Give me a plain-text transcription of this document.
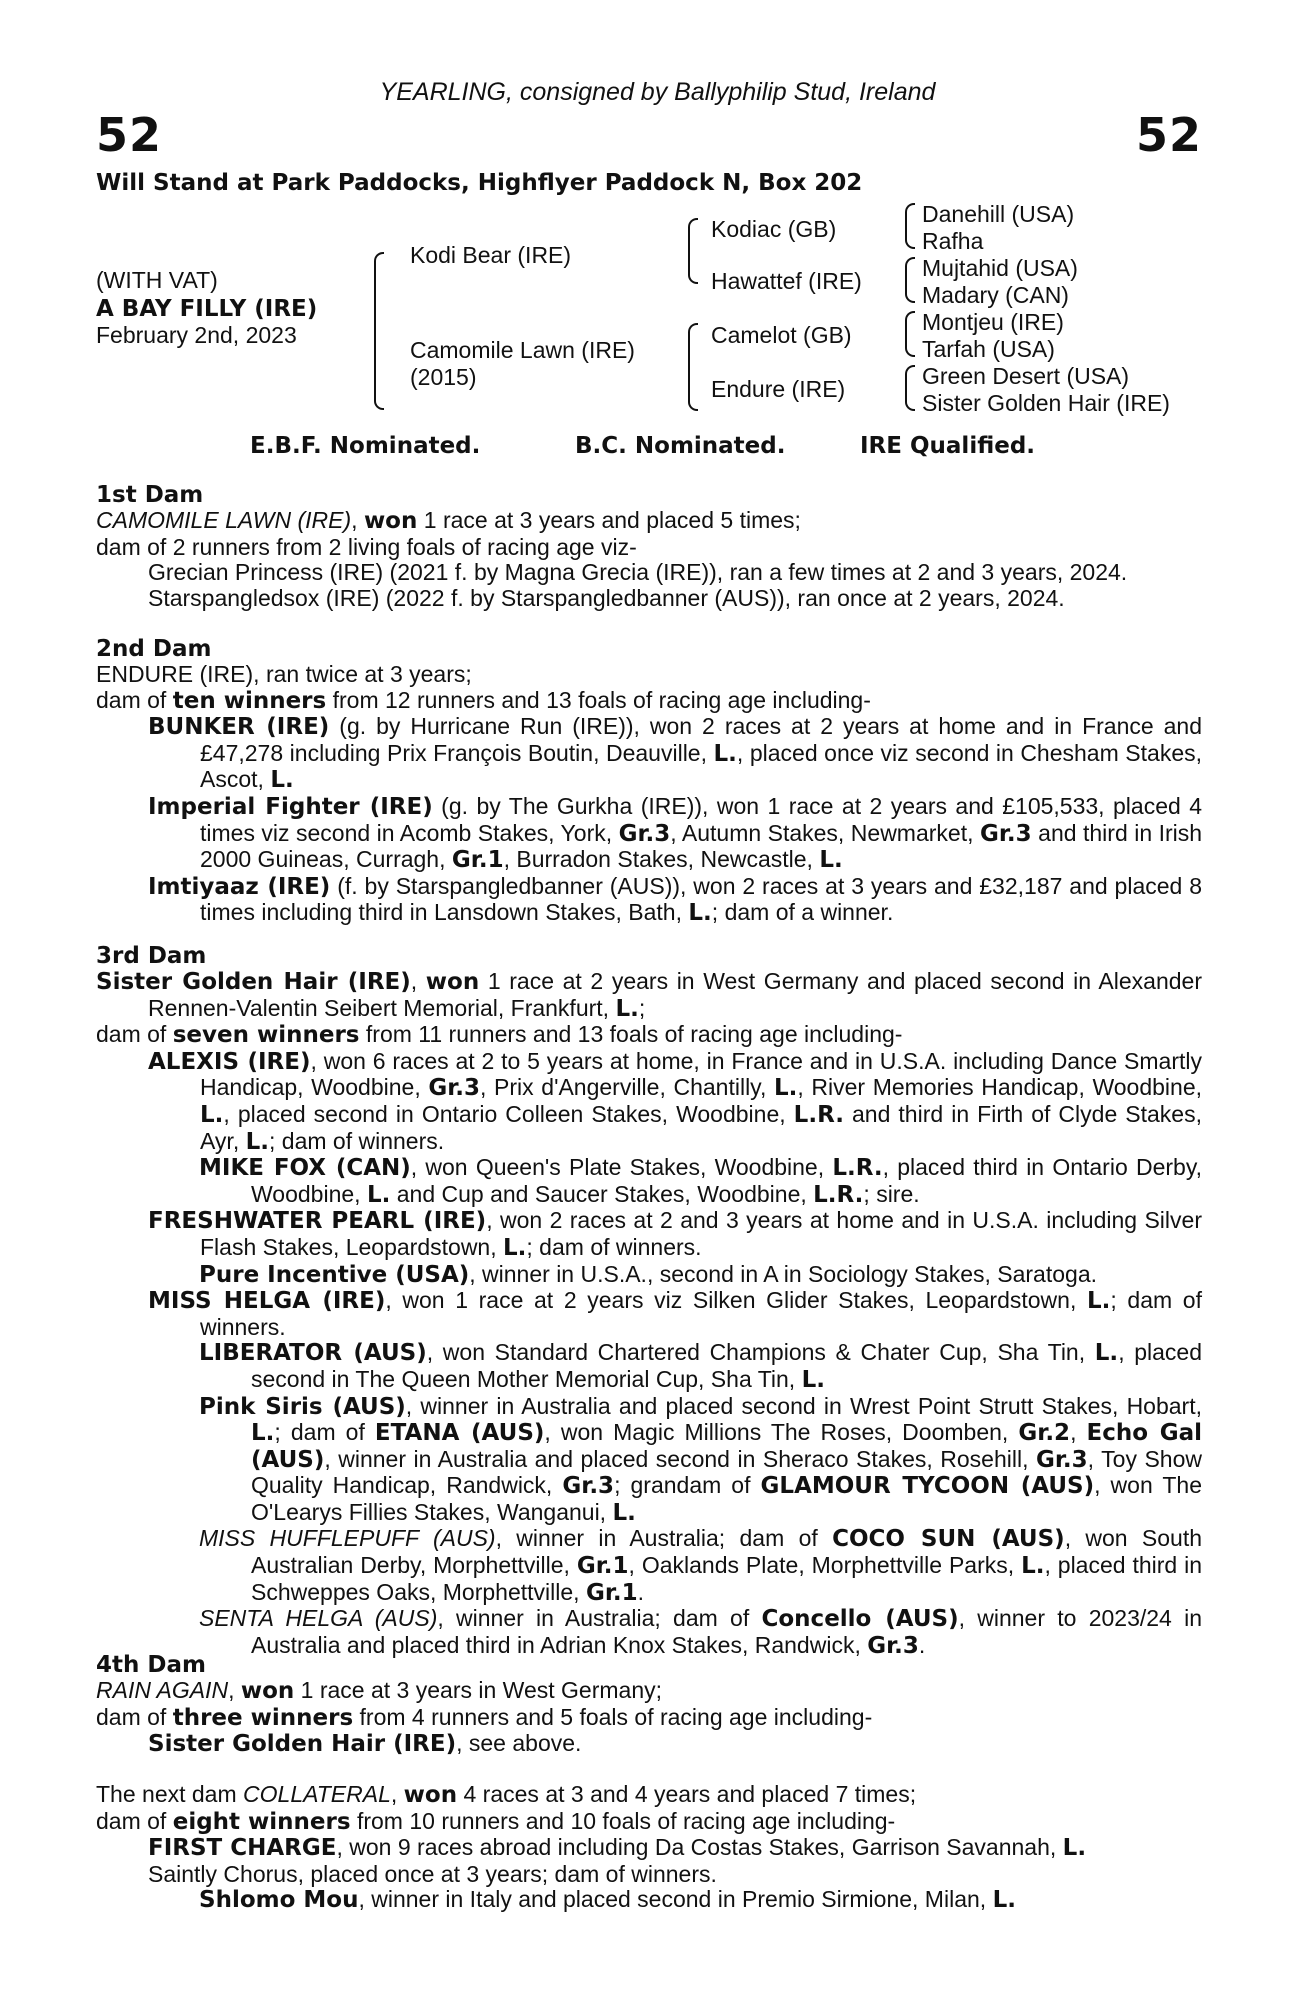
YEARLING, consigned by Ballyphilip Stud, Ireland
52	52
Will Stand at Park Paddocks, Highflyer Paddock N, Box 202
(WITH VAT)
A BAY FILLY (IRE)
February 2nd, 2023
Kodi Bear (IRE)
Camomile Lawn (IRE)
(2015)
Kodiac (GB)
Hawattef (IRE)
Camelot (GB)
Endure (IRE)
Danehill (USA)
Rafha
Mujtahid (USA)
Madary (CAN)
Montjeu (IRE)
Tarfah (USA)
Green Desert (USA)
Sister Golden Hair (IRE)
E.B.F. Nominated.	B.C. Nominated.	IRE Qualified.
1st Dam
CAMOMILE LAWN (IRE), won 1 race at 3 years and placed 5 times;
dam of 2 runners from 2 living foals of racing age viz-
Grecian Princess (IRE) (2021 f. by Magna Grecia (IRE)), ran a few times at 2 and 3 years, 2024.
Starspangledsox (IRE) (2022 f. by Starspangledbanner (AUS)), ran once at 2 years, 2024.
2nd Dam
ENDURE (IRE), ran twice at 3 years;
dam of ten winners from 12 runners and 13 foals of racing age including-
BUNKER (IRE) (g. by Hurricane Run (IRE)), won 2 races at 2 years at home and in France and £47,278 including Prix François Boutin, Deauville, L., placed once viz second in Chesham Stakes, Ascot, L.
Imperial Fighter (IRE) (g. by The Gurkha (IRE)), won 1 race at 2 years and £105,533, placed 4 times viz second in Acomb Stakes, York, Gr.3, Autumn Stakes, Newmarket, Gr.3 and third in Irish 2000 Guineas, Curragh, Gr.1, Burradon Stakes, Newcastle, L.
Imtiyaaz (IRE) (f. by Starspangledbanner (AUS)), won 2 races at 3 years and £32,187 and placed 8 times including third in Lansdown Stakes, Bath, L.; dam of a winner.
3rd Dam
Sister Golden Hair (IRE), won 1 race at 2 years in West Germany and placed second in Alexander Rennen-Valentin Seibert Memorial, Frankfurt, L.;
dam of seven winners from 11 runners and 13 foals of racing age including-
ALEXIS (IRE), won 6 races at 2 to 5 years at home, in France and in U.S.A. including Dance Smartly Handicap, Woodbine, Gr.3, Prix d'Angerville, Chantilly, L., River Memories Handicap, Woodbine, L., placed second in Ontario Colleen Stakes, Woodbine, L.R. and third in Firth of Clyde Stakes, Ayr, L.; dam of winners.
MIKE FOX (CAN), won Queen's Plate Stakes, Woodbine, L.R., placed third in Ontario Derby, Woodbine, L. and Cup and Saucer Stakes, Woodbine, L.R.; sire.
FRESHWATER PEARL (IRE), won 2 races at 2 and 3 years at home and in U.S.A. including Silver Flash Stakes, Leopardstown, L.; dam of winners.
Pure Incentive (USA), winner in U.S.A., second in A in Sociology Stakes, Saratoga.
MISS HELGA (IRE), won 1 race at 2 years viz Silken Glider Stakes, Leopardstown, L.; dam of winners.
LIBERATOR (AUS), won Standard Chartered Champions & Chater Cup, Sha Tin, L., placed second in The Queen Mother Memorial Cup, Sha Tin, L.
Pink Siris (AUS), winner in Australia and placed second in Wrest Point Strutt Stakes, Hobart, L.; dam of ETANA (AUS), won Magic Millions The Roses, Doomben, Gr.2, Echo Gal (AUS), winner in Australia and placed second in Sheraco Stakes, Rosehill, Gr.3, Toy Show Quality Handicap, Randwick, Gr.3; grandam of GLAMOUR TYCOON (AUS), won The O'Learys Fillies Stakes, Wanganui, L.
MISS HUFFLEPUFF (AUS), winner in Australia; dam of COCO SUN (AUS), won South Australian Derby, Morphettville, Gr.1, Oaklands Plate, Morphettville Parks, L., placed third in Schweppes Oaks, Morphettville, Gr.1.
SENTA HELGA (AUS), winner in Australia; dam of Concello (AUS), winner to 2023/24 in Australia and placed third in Adrian Knox Stakes, Randwick, Gr.3.
4th Dam
RAIN AGAIN, won 1 race at 3 years in West Germany;
dam of three winners from 4 runners and 5 foals of racing age including-
Sister Golden Hair (IRE), see above.
The next dam COLLATERAL, won 4 races at 3 and 4 years and placed 7 times;
dam of eight winners from 10 runners and 10 foals of racing age including-
FIRST CHARGE, won 9 races abroad including Da Costas Stakes, Garrison Savannah, L.
Saintly Chorus, placed once at 3 years; dam of winners.
Shlomo Mou, winner in Italy and placed second in Premio Sirmione, Milan, L.
